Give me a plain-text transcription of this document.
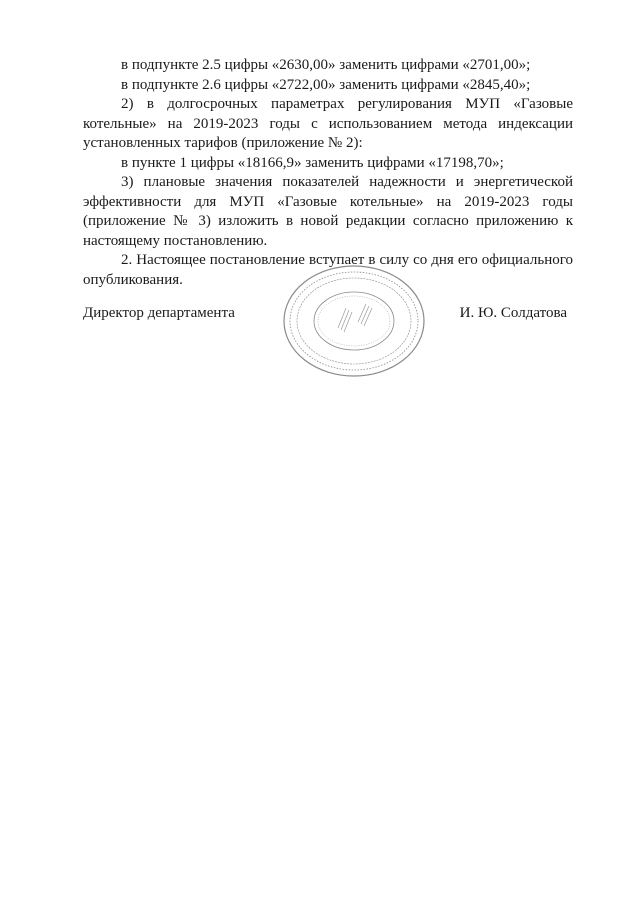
в подпункте 2.5 цифры «2630,00» заменить цифрами «2701,00»;

в подпункте 2.6 цифры «2722,00» заменить цифрами «2845,40»;

2) в долгосрочных параметрах регулирования МУП «Газовые котельные» на 2019-2023 годы с использованием метода индексации установленных тарифов (приложение № 2):

в пункте 1 цифры «18166,9» заменить цифрами «17198,70»;

3) плановые значения показателей надежности и энергетической эффективности для МУП «Газовые котельные» на 2019-2023 годы (приложение № 3) изложить в новой редакции согласно приложению к настоящему постановлению.

2. Настоящее постановление вступает в силу со дня его официального опубликования.

Директор департамента	И. Ю. Солдатова
